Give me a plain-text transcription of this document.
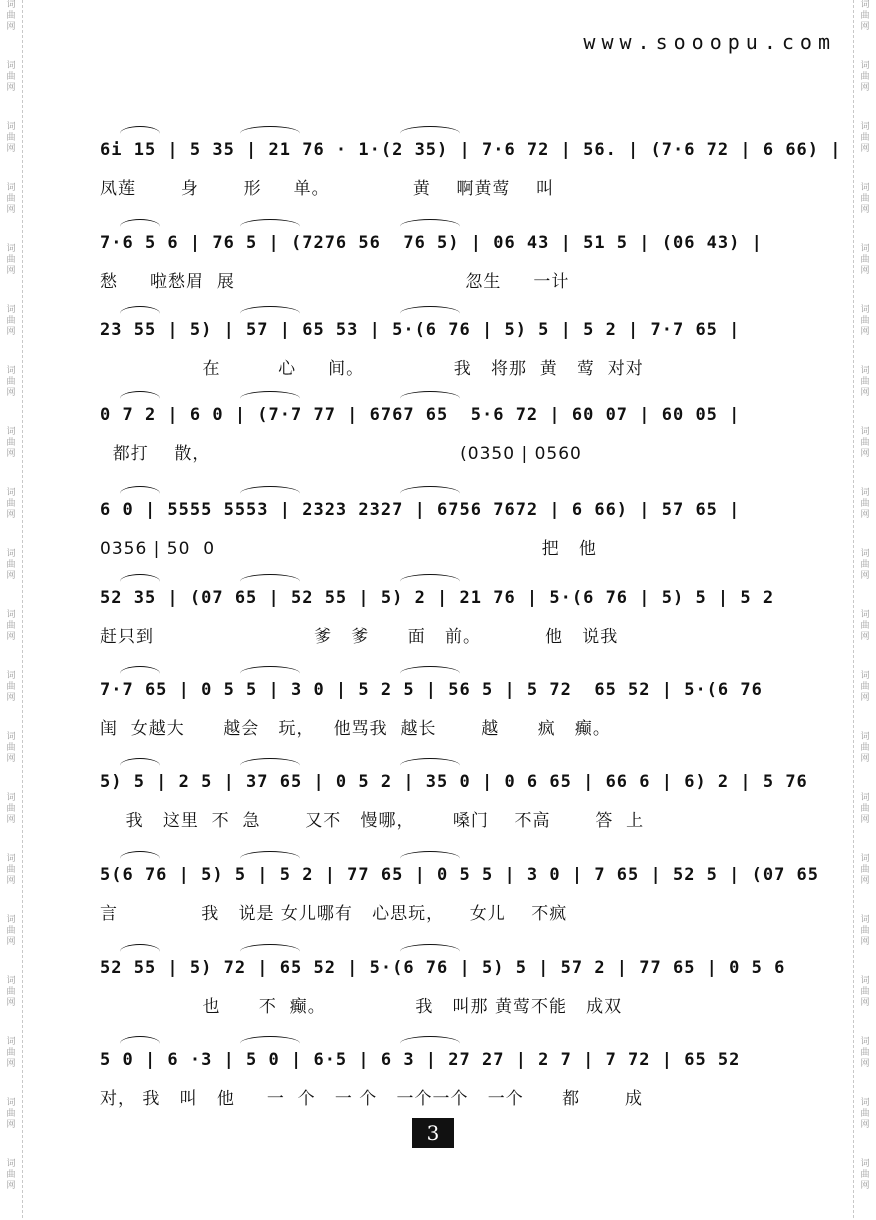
词
曲
网
词
曲
网
词
曲
网
词
曲
网
词
曲
网
词
曲
网
词
曲
网
词
曲
网
词
曲
网
词
曲
网
词
曲
网
词
曲
网
词
曲
网
词
曲
网
词
曲
网
词
曲
网
词
曲
网
词
曲
网
词
曲
网
词
曲
网
词
曲
网
词
曲
网
词
曲
网
词
曲
网
词
曲
网
词
曲
网
词
曲
网
词
曲
网
词
曲
网
词
曲
网
词
曲
网
词
曲
网
词
曲
网
词
曲
网
词
曲
网
词
曲
网
词
曲
网
词
曲
网
词
曲
网
词
曲
网
www.sooopu.com
6i 15 | 5 35 | 21 76 · 1·(2 35) | 7·6 72 | 56. | (7·6 72 | 6 66) |
凤莲       身       形     单。             黄    啊黄莺    叫
7·6 5 6 | 76 5 | (7276 56  76 5) | 06 43 | 51 5 | (06 43) |
愁     啦愁眉  展                                    忽生     一计
23 55 | 5) | 57 | 65 53 | 5·(6 76 | 5) 5 | 5 2 | 7·7 65 |
在         心     间。              我   将那  黄   莺  对对
0 7 2 | 6 0 | (7·7 77 | 6767 65  5·6 72 | 60 07 | 60 05 |
都打    散，                                       (0350 | 0560
6 0 | 5555 5553 | 2323 2327 | 6756 7672 | 6 66) | 57 65 |
0356 | 50  0                                                   把   他
52 35 | (07 65 | 52 55 | 5) 2 | 21 76 | 5·(6 76 | 5) 5 | 5 2
赶只到                         爹   爹      面   前。          他   说我
7·7 65 | 0 5 5 | 3 0 | 5 2 5 | 56 5 | 5 72  65 52 | 5·(6 76
闺  女越大      越会   玩，   他骂我  越长       越      疯   癫。
5) 5 | 2 5 | 37 65 | 0 5 2 | 35 0 | 0 6 65 | 66 6 | 6) 2 | 5 76
我   这里  不  急       又不   慢哪，      嗓门    不高       答  上
5(6 76 | 5) 5 | 5 2 | 77 65 | 0 5 5 | 3 0 | 7 65 | 52 5 | (07 65
言             我   说是 女儿哪有   心思玩，    女儿    不疯
52 55 | 5) 72 | 65 52 | 5·(6 76 | 5) 5 | 57 2 | 77 65 | 0 5 6
也      不  癫。              我   叫那 黄莺不能   成双
5 0 | 6 ·3 | 5 0 | 6·5 | 6 3 | 27 27 | 2 7 | 7 72 | 65 52
对， 我   叫   他     一  个   一 个   一个一个   一个      都       成
3
